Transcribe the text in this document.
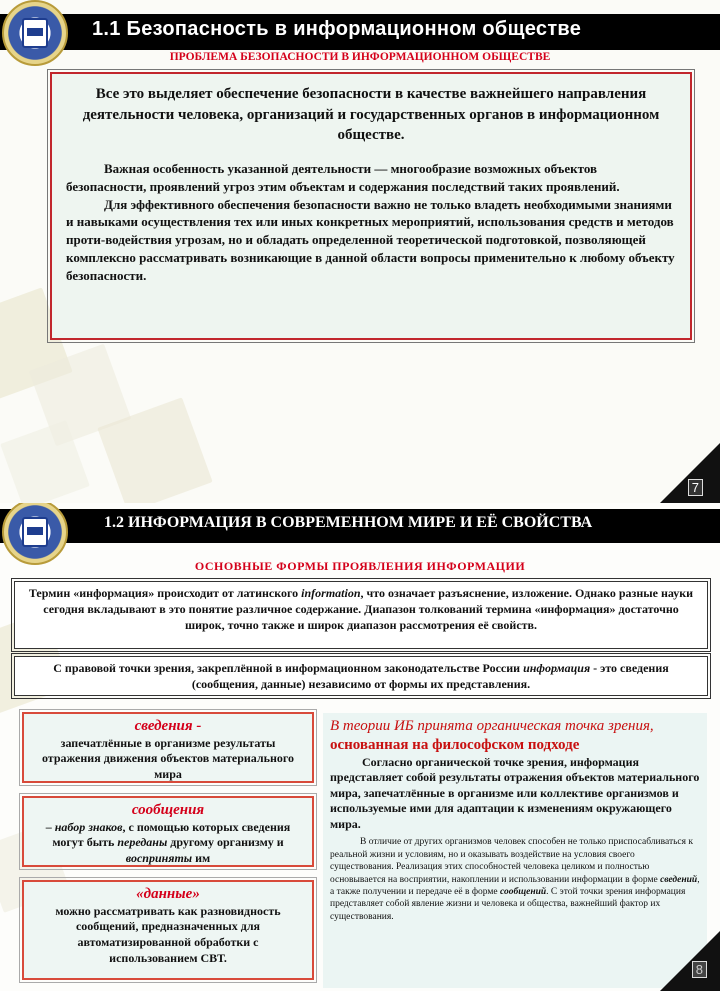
1.1 Безопасность в информационном обществе
ПРОБЛЕМА БЕЗОПАСНОСТИ В ИНФОРМАЦИОННОМ ОБЩЕСТВЕ
Все это выделяет обеспечение безопасности в качестве важнейшего направления деятельности человека, организаций и государственных органов в информационном обществе.
Важная особенность указанной деятельности — многообразие возможных объектов безопасности, проявлений угроз этим объектам и содержания последствий таких проявлений.
Для эффективного обеспечения безопасности важно не только владеть необходимыми знаниями и навыками осуществления тех или иных конкретных мероприятий, использования средств и методов проти-водействия угрозам, но и обладать определенной теоретической подготовкой, позволяющей комплексно рассматривать возникающие в данной области вопросы применительно к любому объекту безопасности.
7
1.2 ИНФОРМАЦИЯ В СОВРЕМЕННОМ МИРЕ И ЕЁ СВОЙСТВА
ОСНОВНЫЕ ФОРМЫ ПРОЯВЛЕНИЯ ИНФОРМАЦИИ
Термин «информация» происходит от латинского information, что означает разъяснение, изложение. Однако разные науки сегодня вкладывают в это понятие различное содержание. Диапазон толкований термина «информация» достаточно широк, точно также и широк диапазон рассмотрения её свойств.
С правовой точки зрения, закреплённой в информационном законодательстве России информация - это сведения (сообщения, данные) независимо от формы их представления.
сведения -
запечатлённые в организме результаты отражения движения объектов материального мира
сообщения
– набор знаков, с помощью которых сведения могут быть переданы другому организму и восприняты им
«данные»
можно рассматривать как разновидность сообщений, предназначенных для автоматизированной обработки с использованием СВТ.
В теории ИБ принята органическая точка зрения, основанная на философском подходе
Согласно органической точке зрения, информация представляет собой результаты отражения объектов материального мира, запечатлённые в организме или коллективе организмов и используемые ими для адаптации к изменениям окружающего мира.
В отличие от других организмов человек способен не только приспосабливаться к реальной жизни и условиям, но и оказывать воздействие на условия своего существования. Реализация этих способностей человека целиком и полностью основывается на восприятии, накоплении и использовании информации в форме сведений, а также получении и передаче её в форме сообщений. С этой точки зрения информация представляет собой явление жизни и человека и общества, важнейший фактор их существования.
8
